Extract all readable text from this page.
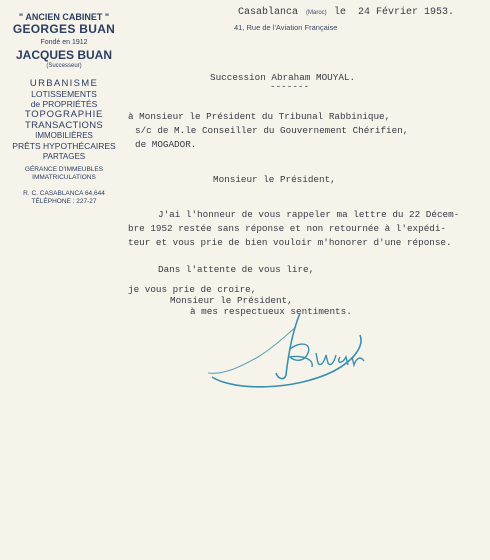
" ANCIEN CABINET "
GEORGES BUAN
Fondé en 1912
JACQUES BUAN
(Successeur)
URBANISME
LOTISSEMENTS
de PROPRIÉTÉS
TOPOGRAPHIE
TRANSACTIONS
IMMOBILIÈRES
PRÊTS HYPOTHÉCAIRES
PARTAGES
GÉRANCE D'IMMEUBLES
IMMATRICULATIONS
R. C. CASABLANCA 64,644
TÉLÉPHONE : 227-27
Casablanca (Maroc) le 24 Février 1953.
41, Rue de l'Aviation Française
Succession Abraham MOUYAL.
-------
à Monsieur le Président du Tribunal Rabbinique,
s/c de M.le Conseiller du Gouvernement Chérifien,
de MOGADOR.
Monsieur le Président,
J'ai l'honneur de vous rappeler ma lettre du 22 Décem-
bre 1952 restée sans réponse et non retournée à l'expédi-
teur et vous prie de bien vouloir m'honorer d'une réponse.
Dans l'attente de vous lire,
je vous prie de croire,
Monsieur le Président,
à mes respectueux sentiments.
